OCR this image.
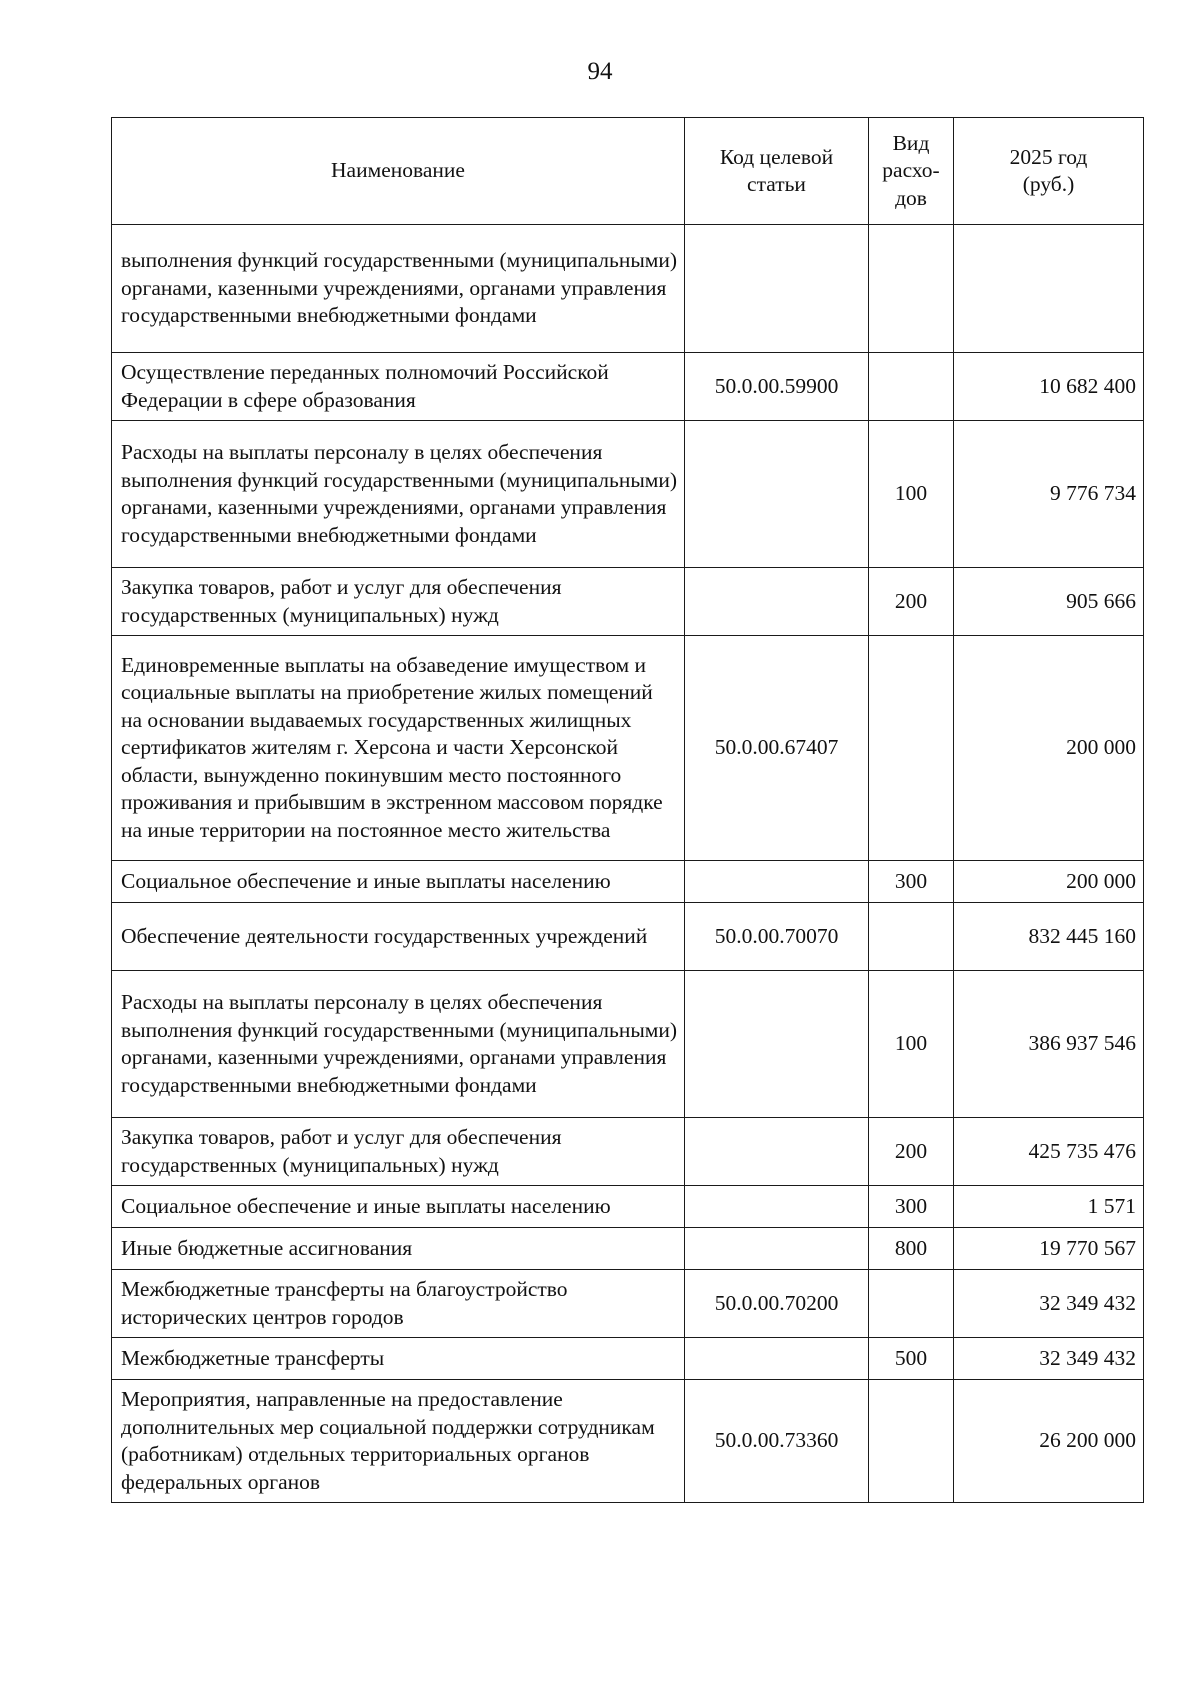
94
Наименование	Код целевой статьи	Вид расхо-дов	2025 год (руб.)
выполнения функций государственными (муниципальными) органами, казенными учреждениями, органами управления государственными внебюджетными фондами			
Осуществление переданных полномочий Российской Федерации в сфере образования	50.0.00.59900		10 682 400
Расходы на выплаты персоналу в целях обеспечения выполнения функций государственными (муниципальными) органами, казенными учреждениями, органами управления государственными внебюджетными фондами		100	9 776 734
Закупка товаров, работ и услуг для обеспечения государственных (муниципальных) нужд		200	905 666
Единовременные выплаты на обзаведение имуществом и социальные выплаты на приобретение жилых помещений на основании выдаваемых государственных жилищных сертификатов жителям г. Херсона и части Херсонской области, вынужденно покинувшим место постоянного проживания и прибывшим в экстренном массовом порядке на иные территории на постоянное место жительства	50.0.00.67407		200 000
Социальное обеспечение и иные выплаты населению		300	200 000
Обеспечение деятельности государственных учреждений	50.0.00.70070		832 445 160
Расходы на выплаты персоналу в целях обеспечения выполнения функций государственными (муниципальными) органами, казенными учреждениями, органами управления государственными внебюджетными фондами		100	386 937 546
Закупка товаров, работ и услуг для обеспечения государственных (муниципальных) нужд		200	425 735 476
Социальное обеспечение и иные выплаты населению		300	1 571
Иные бюджетные ассигнования		800	19 770 567
Межбюджетные трансферты на благоустройство исторических центров городов	50.0.00.70200		32 349 432
Межбюджетные трансферты		500	32 349 432
Мероприятия, направленные на предоставление дополнительных мер социальной поддержки сотрудникам (работникам) отдельных территориальных органов федеральных органов	50.0.00.73360		26 200 000
